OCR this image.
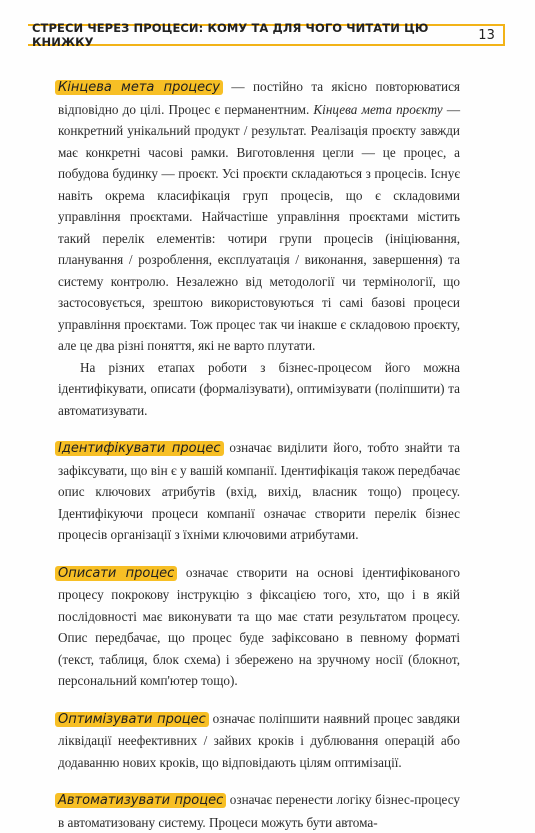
СТРЕСИ ЧЕРЕЗ ПРОЦЕСИ: КОМУ ТА ДЛЯ ЧОГО ЧИТАТИ ЦЮ КНИЖКУ	13

Кінцева мета процесу — постійно та якісно повторюватися відповідно до цілі. Процес є перманентним. Кінцева мета проєкту — конкретний унікальний продукт / результат. Реалізація проєкту завжди має конкретні часові рамки. Виготовлення цегли — це процес, а побудова будинку — проєкт. Усі проєкти складаються з процесів. Існує навіть окрема класифікація груп процесів, що є складовими управління проєктами. Найчастіше управління проєктами містить такий перелік елементів: чотири групи процесів (ініціювання, планування / розроблення, експлуатація / виконання, завершення) та систему контролю. Незалежно від методології чи термінології, що застосовується, зрештою використовуються ті самі базові процеси управління проєктами. Тож процес так чи інакше є складовою проєкту, але це два різні поняття, які не варто плутати.

На різних етапах роботи з бізнес-процесом його можна ідентифікувати, описати (формалізувати), оптимізувати (поліпшити) та автоматизувати.

Ідентифікувати процес означає виділити його, тобто знайти та зафіксувати, що він є у вашій компанії. Ідентифікація також передбачає опис ключових атрибутів (вхід, вихід, власник тощо) процесу. Ідентифікуючи процеси компанії означає створити перелік бізнес процесів організації з їхніми ключовими атрибутами.

Описати процес означає створити на основі ідентифікованого процесу покрокову інструкцію з фіксацією того, хто, що і в якій послідовності має виконувати та що має стати результатом процесу. Опис передбачає, що процес буде зафіксовано в певному форматі (текст, таблиця, блок схема) і збережено на зручному носії (блокнот, персональний комп'ютер тощо).

Оптимізувати процес означає поліпшити наявний процес завдяки ліквідації неефективних / зайвих кроків і дублювання операцій або додаванню нових кроків, що відповідають цілям оптимізації.

Автоматизувати процес означає перенести логіку бізнес-процесу в автоматизовану систему. Процеси можуть бути автома-
